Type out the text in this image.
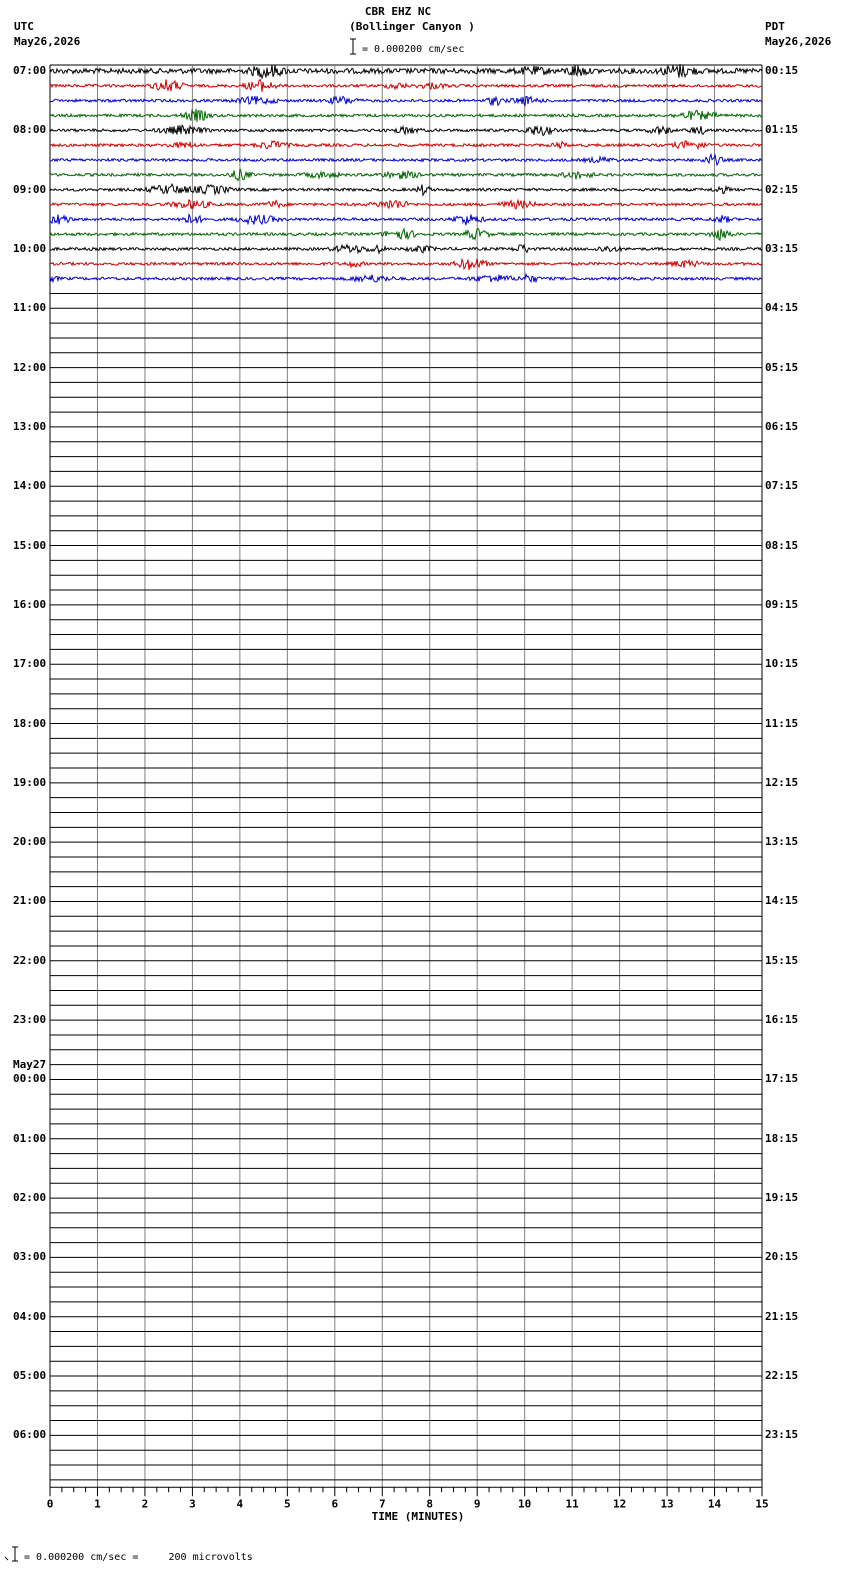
0	1	2	3	4	5	6	7	8	9	10	11	12	13	14	15
CBR EHZ NC
(Bollinger Canyon )
UTC
May26,2026
PDT
May26,2026
= 0.000200 cm/sec
TIME (MINUTES)
= 0.000200 cm/sec =     200 microvolts
07:00	00:15
08:00	01:15
09:00	02:15
10:00	03:15
11:00	04:15
12:00	05:15
13:00	06:15
14:00	07:15
15:00	08:15
16:00	09:15
17:00	10:15
18:00	11:15
19:00	12:15
20:00	13:15
21:00	14:15
22:00	15:15
23:00	16:15
00:00	17:15
01:00	18:15
02:00	19:15
03:00	20:15
04:00	21:15
05:00	22:15
06:00	23:15
May27
